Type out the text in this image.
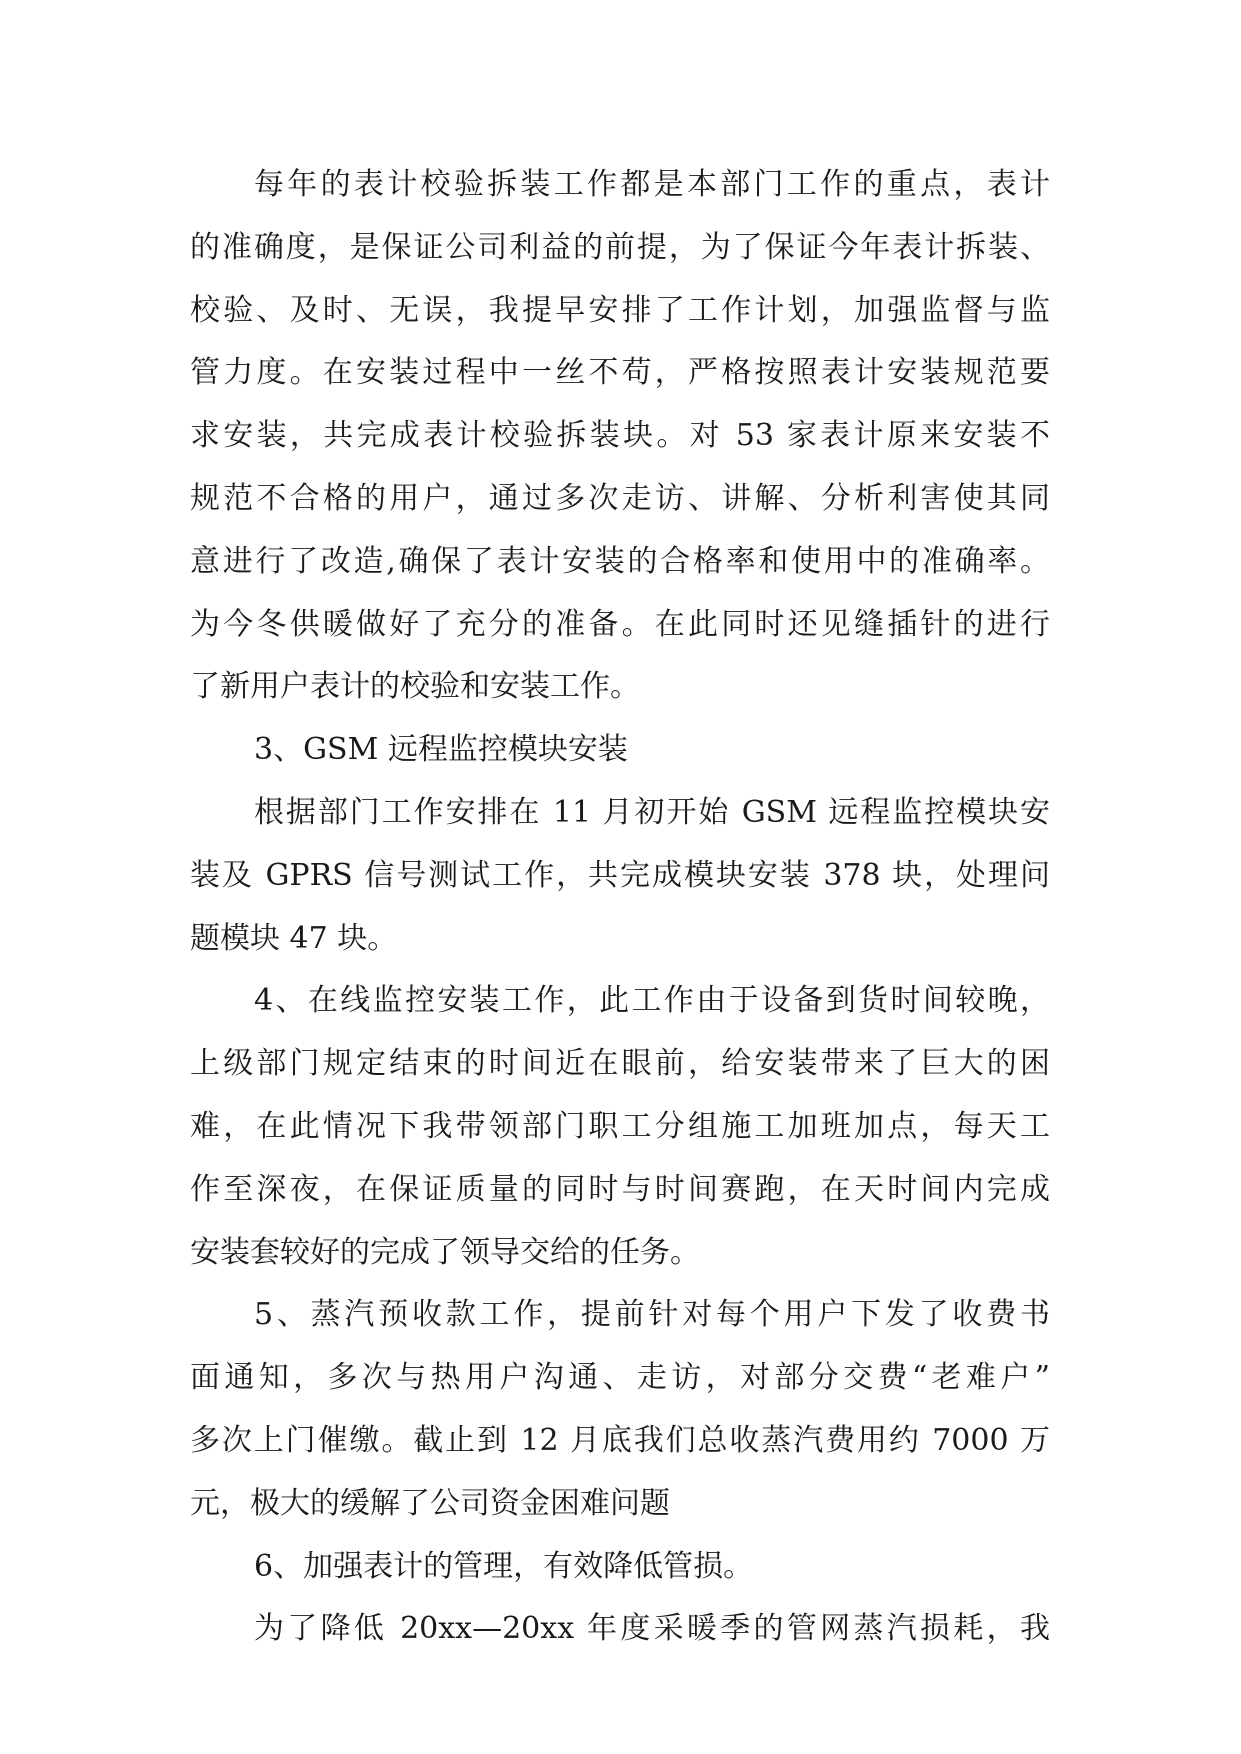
每年的表计校验拆装工作都是本部门工作的重点，表计
的准确度，是保证公司利益的前提，为了保证今年表计拆装、
校验、及时、无误，我提早安排了工作计划，加强监督与监
管力度。在安装过程中一丝不苟，严格按照表计安装规范要
求安装，共完成表计校验拆装块。对 53 家表计原来安装不
规范不合格的用户，通过多次走访、讲解、分析利害使其同
意进行了改造,确保了表计安装的合格率和使用中的准确率。
为今冬供暖做好了充分的准备。在此同时还见缝插针的进行
了新用户表计的校验和安装工作。
3、GSM 远程监控模块安装
根据部门工作安排在 11 月初开始 GSM 远程监控模块安
装及 GPRS 信号测试工作，共完成模块安装 378 块，处理问
题模块 47 块。
4、在线监控安装工作，此工作由于设备到货时间较晚，
上级部门规定结束的时间近在眼前，给安装带来了巨大的困
难，在此情况下我带领部门职工分组施工加班加点，每天工
作至深夜，在保证质量的同时与时间赛跑，在天时间内完成
安装套较好的完成了领导交给的任务。
5、蒸汽预收款工作，提前针对每个用户下发了收费书
面通知，多次与热用户沟通、走访，对部分交费“老难户”
多次上门催缴。截止到 12 月底我们总收蒸汽费用约 7000 万
元，极大的缓解了公司资金困难问题
6、加强表计的管理，有效降低管损。
为了降低 20xx—20xx 年度采暖季的管网蒸汽损耗，我
